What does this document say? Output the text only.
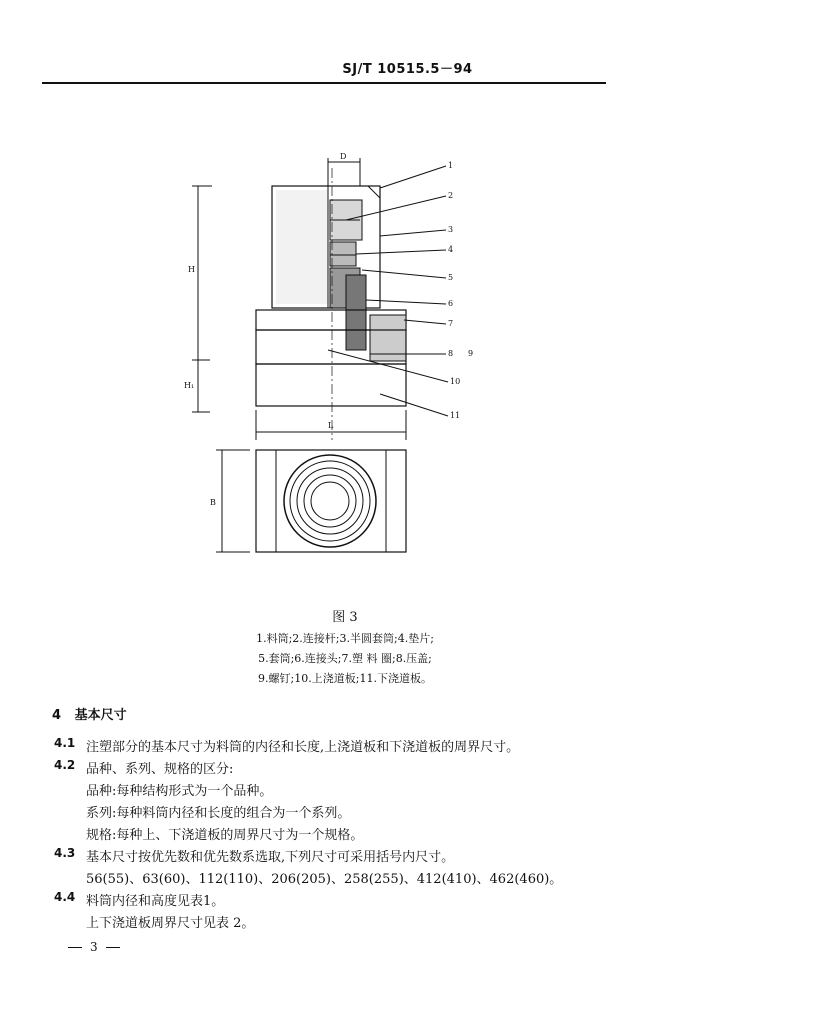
SJ/T 10515.5－94
1
2
3
4
5
6
7
8 9
10
11
D
H
H₁
L
B
图 3
1.料筒;2.连接杆;3.半圆套筒;4.垫片;
5.套筒;6.连接头;7.塑 料 圈;8.压盖;
9.螺钉;10.上浇道板;11.下浇道板。
4 基本尺寸
4.1 注塑部分的基本尺寸为料筒的内径和长度,上浇道板和下浇道板的周界尺寸。
4.2 品种、系列、规格的区分:
品种:每种结构形式为一个品种。
系列:每种料筒内径和长度的组合为一个系列。
规格:每种上、下浇道板的周界尺寸为一个规格。
4.3 基本尺寸按优先数和优先数系选取,下列尺寸可采用括号内尺寸。
56(55)、63(60)、112(110)、206(205)、258(255)、412(410)、462(460)。
4.4 料筒内径和高度见表1。
上下浇道板周界尺寸见表 2。
3
